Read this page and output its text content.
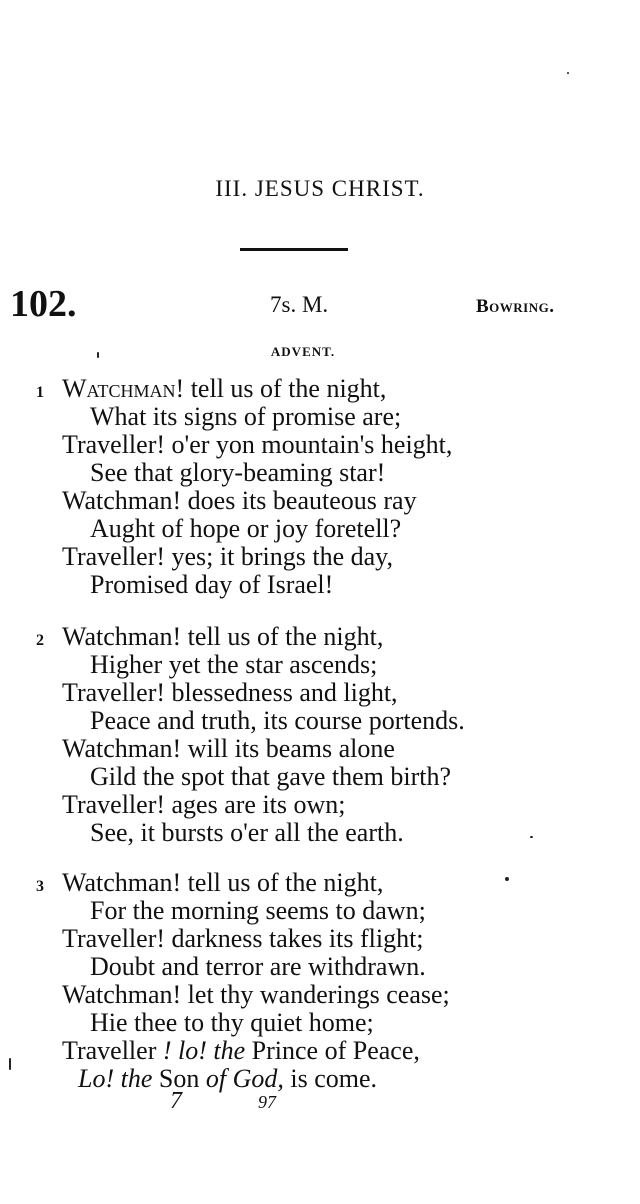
III. JESUS CHRIST.
102.	7s. M.	Bowring.
ADVENT.
1 Watchman! tell us of the night,
What its signs of promise are;
Traveller! o'er yon mountain's height,
See that glory-beaming star!
Watchman! does its beauteous ray
Aught of hope or joy foretell?
Traveller! yes; it brings the day,
Promised day of Israel!
2 Watchman! tell us of the night,
Higher yet the star ascends;
Traveller! blessedness and light,
Peace and truth, its course portends.
Watchman! will its beams alone
Gild the spot that gave them birth?
Traveller! ages are its own;
See, it bursts o'er all the earth.
3 Watchman! tell us of the night,
For the morning seems to dawn;
Traveller! darkness takes its flight;
Doubt and terror are withdrawn.
Watchman! let thy wanderings cease;
Hie thee to thy quiet home;
Traveller ! lo! the Prince of Peace,
Lo! the Son of God, is come.
7	97
